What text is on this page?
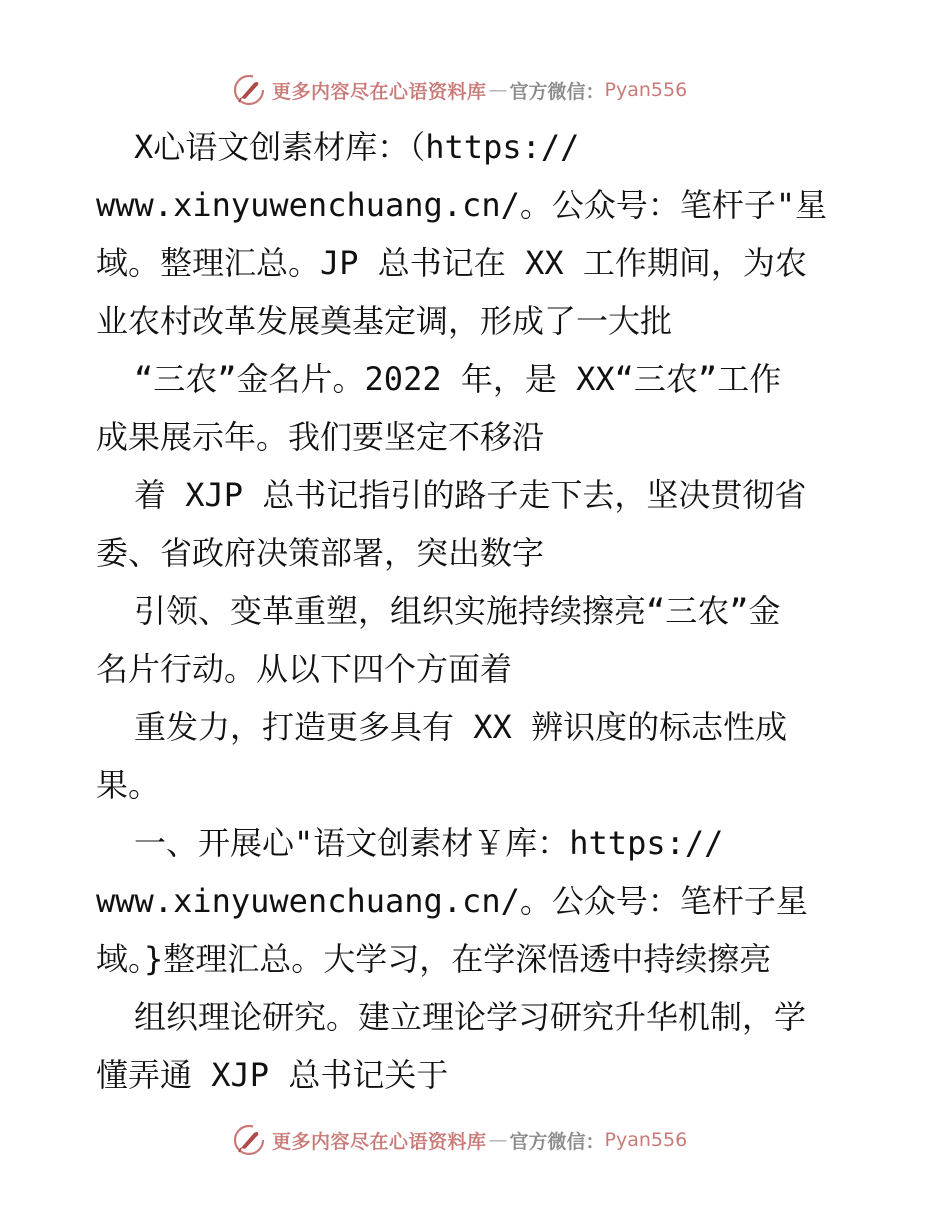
更多内容尽在心语资料库 — 官方微信： Pyan556
X心语文创素材库：（https://
www.xinyuwenchuang.cn/。公众号：笔杆子"星
域。整理汇总。JP 总书记在 XX 工作期间，为农
业农村改革发展奠基定调，形成了一大批
“三农”金名片。2022 年，是 XX“三农”工作
成果展示年。我们要坚定不移沿
着 XJP 总书记指引的路子走下去，坚决贯彻省
委、省政府决策部署，突出数字
引领、变革重塑，组织实施持续擦亮“三农”金
名片行动。从以下四个方面着
重发力，打造更多具有 XX 辨识度的标志性成
果。
一、开展心"语文创素材￥库：https://
www.xinyuwenchuang.cn/。公众号：笔杆子星
域。}整理汇总。大学习，在学深悟透中持续擦亮
组织理论研究。建立理论学习研究升华机制，学
懂弄通 XJP 总书记关于
更多内容尽在心语资料库 — 官方微信： Pyan556
